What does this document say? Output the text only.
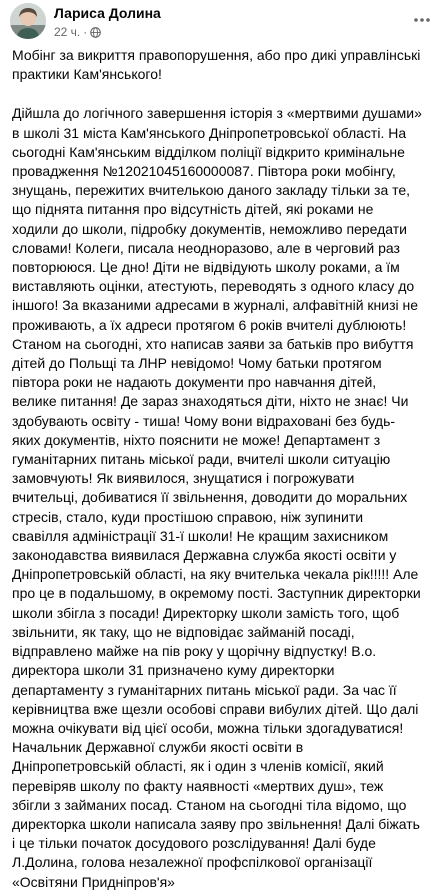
Лариса Долина
22 ч. ·

Мобінг за викриття правопорушення, або про дикі управлінські практики Кам'янського!

Дійшла до логічного завершення історія з «мертвими душами» в школі 31 міста Кам'янського Дніпропетровської області. На сьогодні Кам'янським відділком поліції відкрито кримінальне провадження №12021045160000087. Півтора роки мобінгу, знущань, пережитих вчителькою даного закладу тільки за те, що піднята питання про відсутність дітей, які роками не ходили до школи, підробку документів, неможливо передати словами! Колеги, писала неодноразово, але в черговий раз повторююся. Це дно! Діти не відвідують школу роками, а їм виставляють оцінки, атестують, переводять з одного класу до іншого! За вказаними адресами в журналі, алфавітній книзі не проживають, а їх адреси протягом 6 років вчителі дублюють! Станом на сьогодні, хто написав заяви за батьків про вибуття дітей до Польщі та ЛНР невідомо! Чому батьки протягом півтора роки не надають документи про навчання дітей, велике питання! Де зараз знаходяться діти, ніхто не знає! Чи здобувають освіту - тиша! Чому вони відраховані без будь-яких документів, ніхто пояснити не може! Департамент з гуманітарних питань міської ради, вчителі школи ситуацію замовчують! Як виявилося, знущатися і погрожувати вчительці, добиватися її звільнення, доводити до моральних стресів, стало, куди простішою справою, ніж зупинити свавілля адміністрації 31-ї школи! Не кращим захисником законодавства виявилася Державна служба якості освіти у Дніпропетровській області, на яку вчителька чекала рік!!!!! Але про це в подальшому, в окремому пості. Заступник директорки школи збігла з посади! Директорку школи замість того, щоб звільнити, як таку, що не відповідає займаній посаді, відправлено майже на пів року у щорічну відпустку! В.о. директора школи 31 призначено куму директорки департаменту з гуманітарних питань міської ради. За час її керівництва вже щезли особові справи вибулих дітей. Що далі можна очікувати від цієї особи, можна тільки здогадуватися! Начальник Державної служби якості освіти в Дніпропетровській області, як і один з членів комісії, який перевіряв школу по факту наявності «мертвих душ», теж збігли з займаних посад. Станом на сьогодні тіла відомо, що директорка школи написала заяву про звільнення! Далі біжать і це тільки початок досудового розслідування! Далі буде
Л.Долина, голова незалежної профспілкової організації «Освітяни Придніпров'я»
